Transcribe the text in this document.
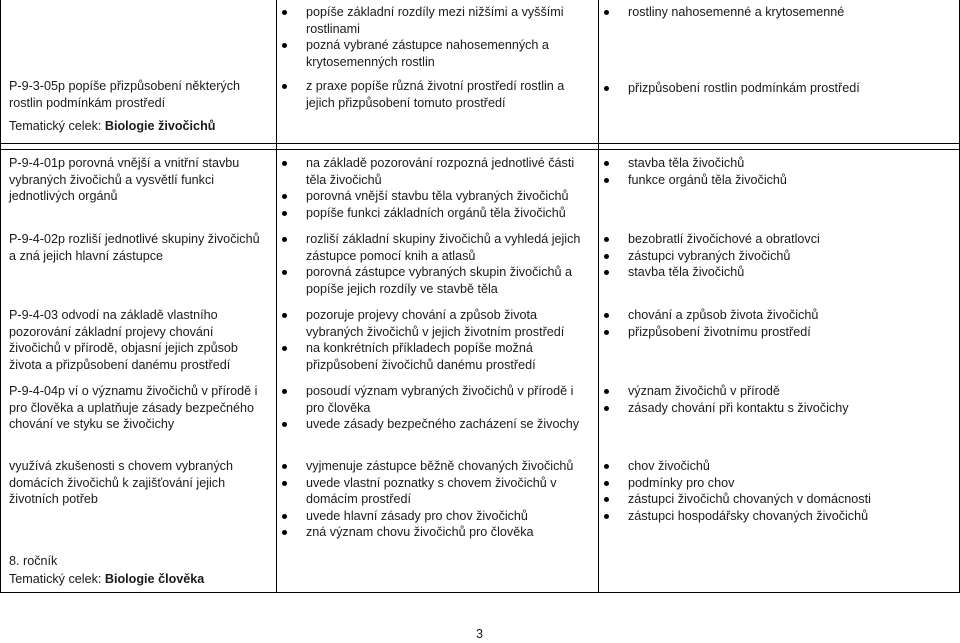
P-9-3-05p popíše přizpůsobení některých rostlin podmínkám prostředí
Tematický celek: Biologie živočichů
popíše základní rozdíly mezi nižšími a vyššími rostlinami
pozná vybrané zástupce nahosemenných a krytosemenných rostlin
z praxe popíše různá životní prostředí rostlin a jejich přizpůsobení tomuto prostředí
rostliny nahosemenné a krytosemenné
přizpůsobení rostlin podmínkám prostředí
P-9-4-01p porovná vnější a vnitřní stavbu vybraných živočichů a vysvětlí funkci jednotlivých orgánů
na základě pozorování rozpozná jednotlivé části těla živočichů
porovná vnější stavbu těla vybraných živočichů
popíše funkci základních orgánů těla živočichů
stavba těla živočichů
funkce orgánů těla živočichů
P-9-4-02p rozliší jednotlivé skupiny živočichů a zná jejich hlavní zástupce
rozliší základní skupiny živočichů a vyhledá jejich zástupce pomocí knih a atlasů
porovná zástupce vybraných skupin živočichů a popíše jejich rozdíly ve stavbě těla
bezobratlí živočichové a obratlovci
zástupci vybraných živočichů
stavba těla živočichů
P-9-4-03 odvodí na základě vlastního pozorování základní projevy chování živočichů v přírodě, objasní jejich způsob života a přizpůsobení danému prostředí
pozoruje projevy chování a způsob života vybraných živočichů v jejich životním prostředí
na konkrétních příkladech popíše možná přizpůsobení živočichů danému prostředí
chování a způsob života živočichů
přizpůsobení životnímu prostředí
P-9-4-04p ví o významu živočichů v přírodě i pro člověka a uplatňuje zásady bezpečného chování ve styku se živočichy
posoudí význam vybraných živočichů v přírodě i pro člověka
uvede zásady bezpečného zacházení se živochy
význam živočichů v přírodě
zásady chování při kontaktu s živočichy
využívá zkušenosti s chovem vybraných domácích živočichů k zajišťování jejich životních potřeb
vyjmenuje zástupce běžně chovaných živočichů
uvede vlastní poznatky s chovem živočichů v domácím prostředí
uvede hlavní zásady pro chov živočichů
zná význam chovu živočichů pro člověka
chov živočichů
podmínky pro chov
zástupci živočichů chovaných v domácnosti
zástupci hospodářsky chovaných živočichů
8. ročník
Tematický celek: Biologie člověka
3
